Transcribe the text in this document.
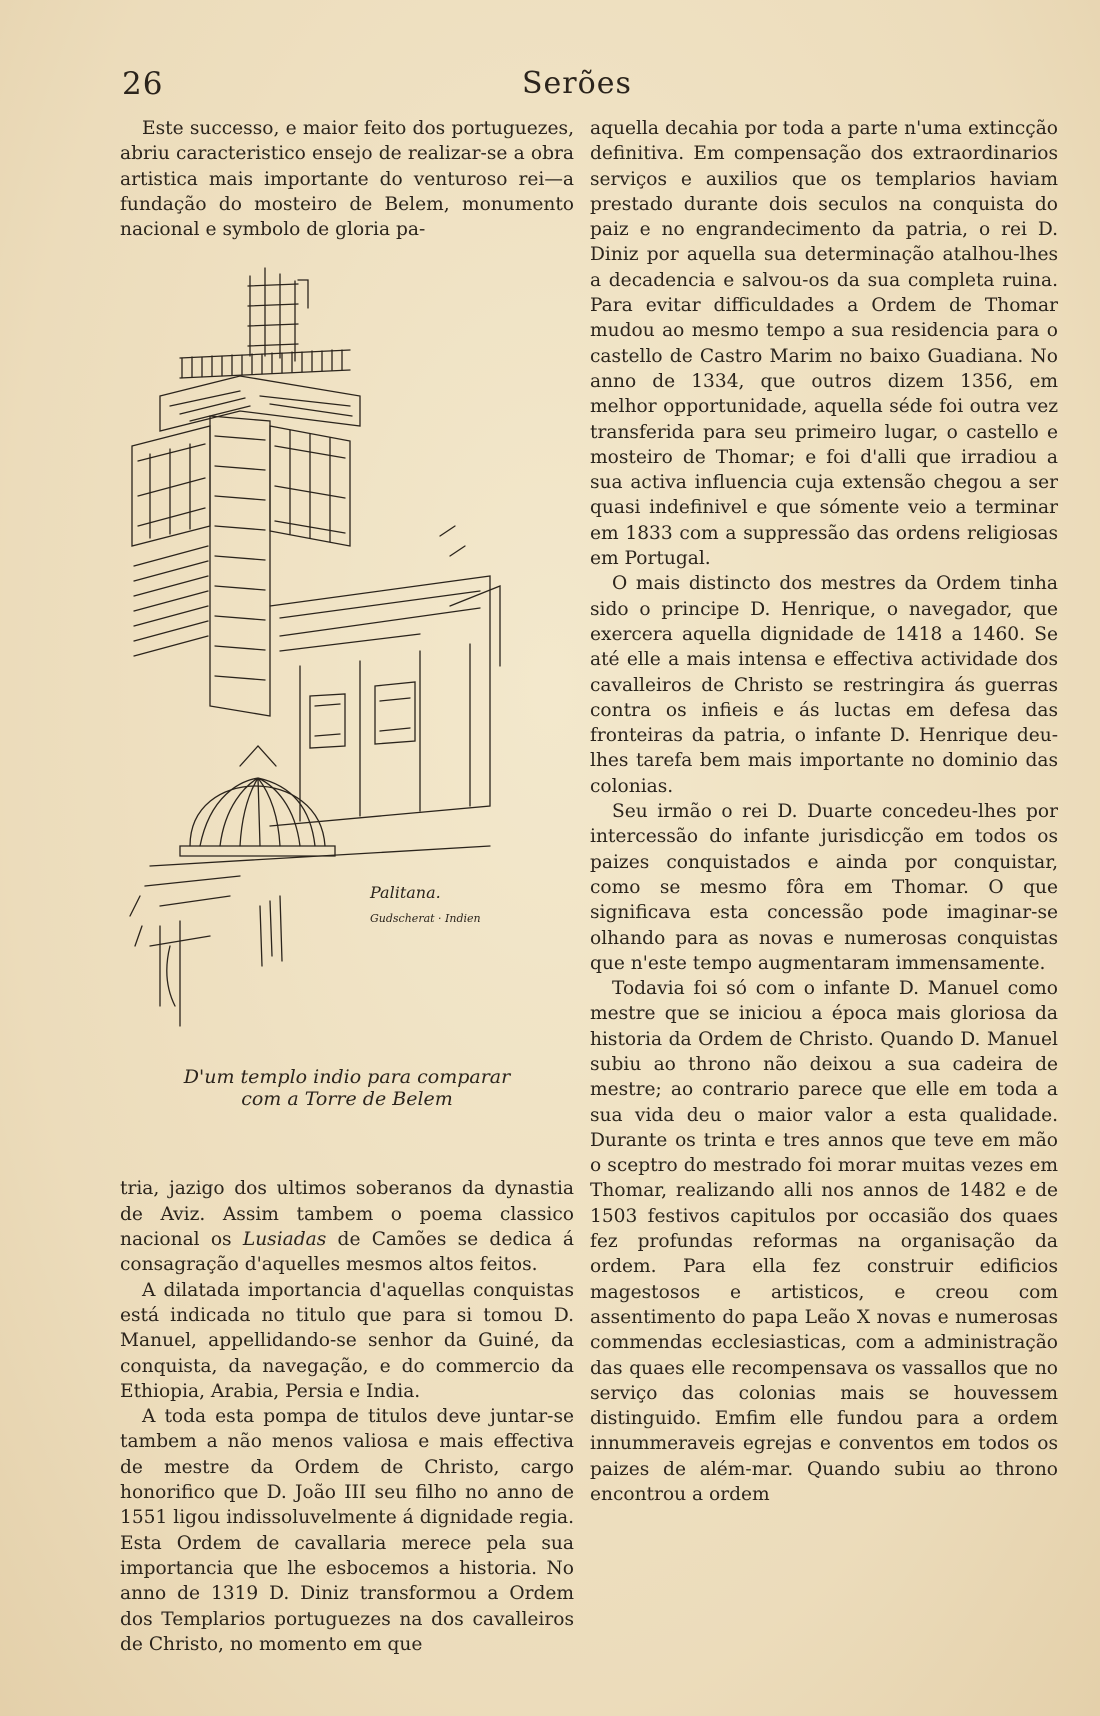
26	Serões

Este successo, e maior feito dos portuguezes, abriu caracteristico ensejo de realizar-se a obra artistica mais importante do venturoso rei—a fundação do mosteiro de Belem, monumento nacional e symbolo de gloria pa-

Palitana.
Gudscherat · Indien
D'um templo indio para comparar
com a Torre de Belem

tria, jazigo dos ultimos soberanos da dynastia de Aviz. Assim tambem o poema classico nacional os Lusiadas de Camões se dedica á consagração d'aquelles mesmos altos feitos.

A dilatada importancia d'aquellas conquistas está indicada no titulo que para si tomou D. Manuel, appellidando-se senhor da Guiné, da conquista, da navegação, e do commercio da Ethiopia, Arabia, Persia e India.

A toda esta pompa de titulos deve juntar-se tambem a não menos valiosa e mais effectiva de mestre da Ordem de Christo, cargo honorifico que D. João III seu filho no anno de 1551 ligou indissoluvelmente á dignidade regia. Esta Ordem de cavallaria merece pela sua importancia que lhe esbocemos a historia. No anno de 1319 D. Diniz transformou a Ordem dos Templarios portuguezes na dos cavalleiros de Christo, no momento em que

aquella decahia por toda a parte n'uma extincção definitiva. Em compensação dos extraordinarios serviços e auxilios que os templarios haviam prestado durante dois seculos na conquista do paiz e no engrandecimento da patria, o rei D. Diniz por aquella sua determinação atalhou-lhes a decadencia e salvou-os da sua completa ruina. Para evitar difficuldades a Ordem de Thomar mudou ao mesmo tempo a sua residencia para o castello de Castro Marim no baixo Guadiana. No anno de 1334, que outros dizem 1356, em melhor opportunidade, aquella séde foi outra vez transferida para seu primeiro lugar, o castello e mosteiro de Thomar; e foi d'alli que irradiou a sua activa influencia cuja extensão chegou a ser quasi indefinivel e que sómente veio a terminar em 1833 com a suppressão das ordens religiosas em Portugal.

O mais distincto dos mestres da Ordem tinha sido o principe D. Henrique, o navegador, que exercera aquella dignidade de 1418 a 1460. Se até elle a mais intensa e effectiva actividade dos cavalleiros de Christo se restringira ás guerras contra os infieis e ás luctas em defesa das fronteiras da patria, o infante D. Henrique deu-lhes tarefa bem mais importante no dominio das colonias.

Seu irmão o rei D. Duarte concedeu-lhes por intercessão do infante jurisdicção em todos os paizes conquistados e ainda por conquistar, como se mesmo fôra em Thomar. O que significava esta concessão pode imaginar-se olhando para as novas e numerosas conquistas que n'este tempo augmentaram immensamente.

Todavia foi só com o infante D. Manuel como mestre que se iniciou a época mais gloriosa da historia da Ordem de Christo. Quando D. Manuel subiu ao throno não deixou a sua cadeira de mestre; ao contrario parece que elle em toda a sua vida deu o maior valor a esta qualidade. Durante os trinta e tres annos que teve em mão o sceptro do mestrado foi morar muitas vezes em Thomar, realizando alli nos annos de 1482 e de 1503 festivos capitulos por occasião dos quaes fez profundas reformas na organisação da ordem. Para ella fez construir edificios magestosos e artisticos, e creou com assentimento do papa Leão X novas e numerosas commendas ecclesiasticas, com a administração das quaes elle recompensava os vassallos que no serviço das colonias mais se houvessem distinguido. Emfim elle fundou para a ordem innummeraveis egrejas e conventos em todos os paizes de além-mar. Quando subiu ao throno encontrou a ordem
